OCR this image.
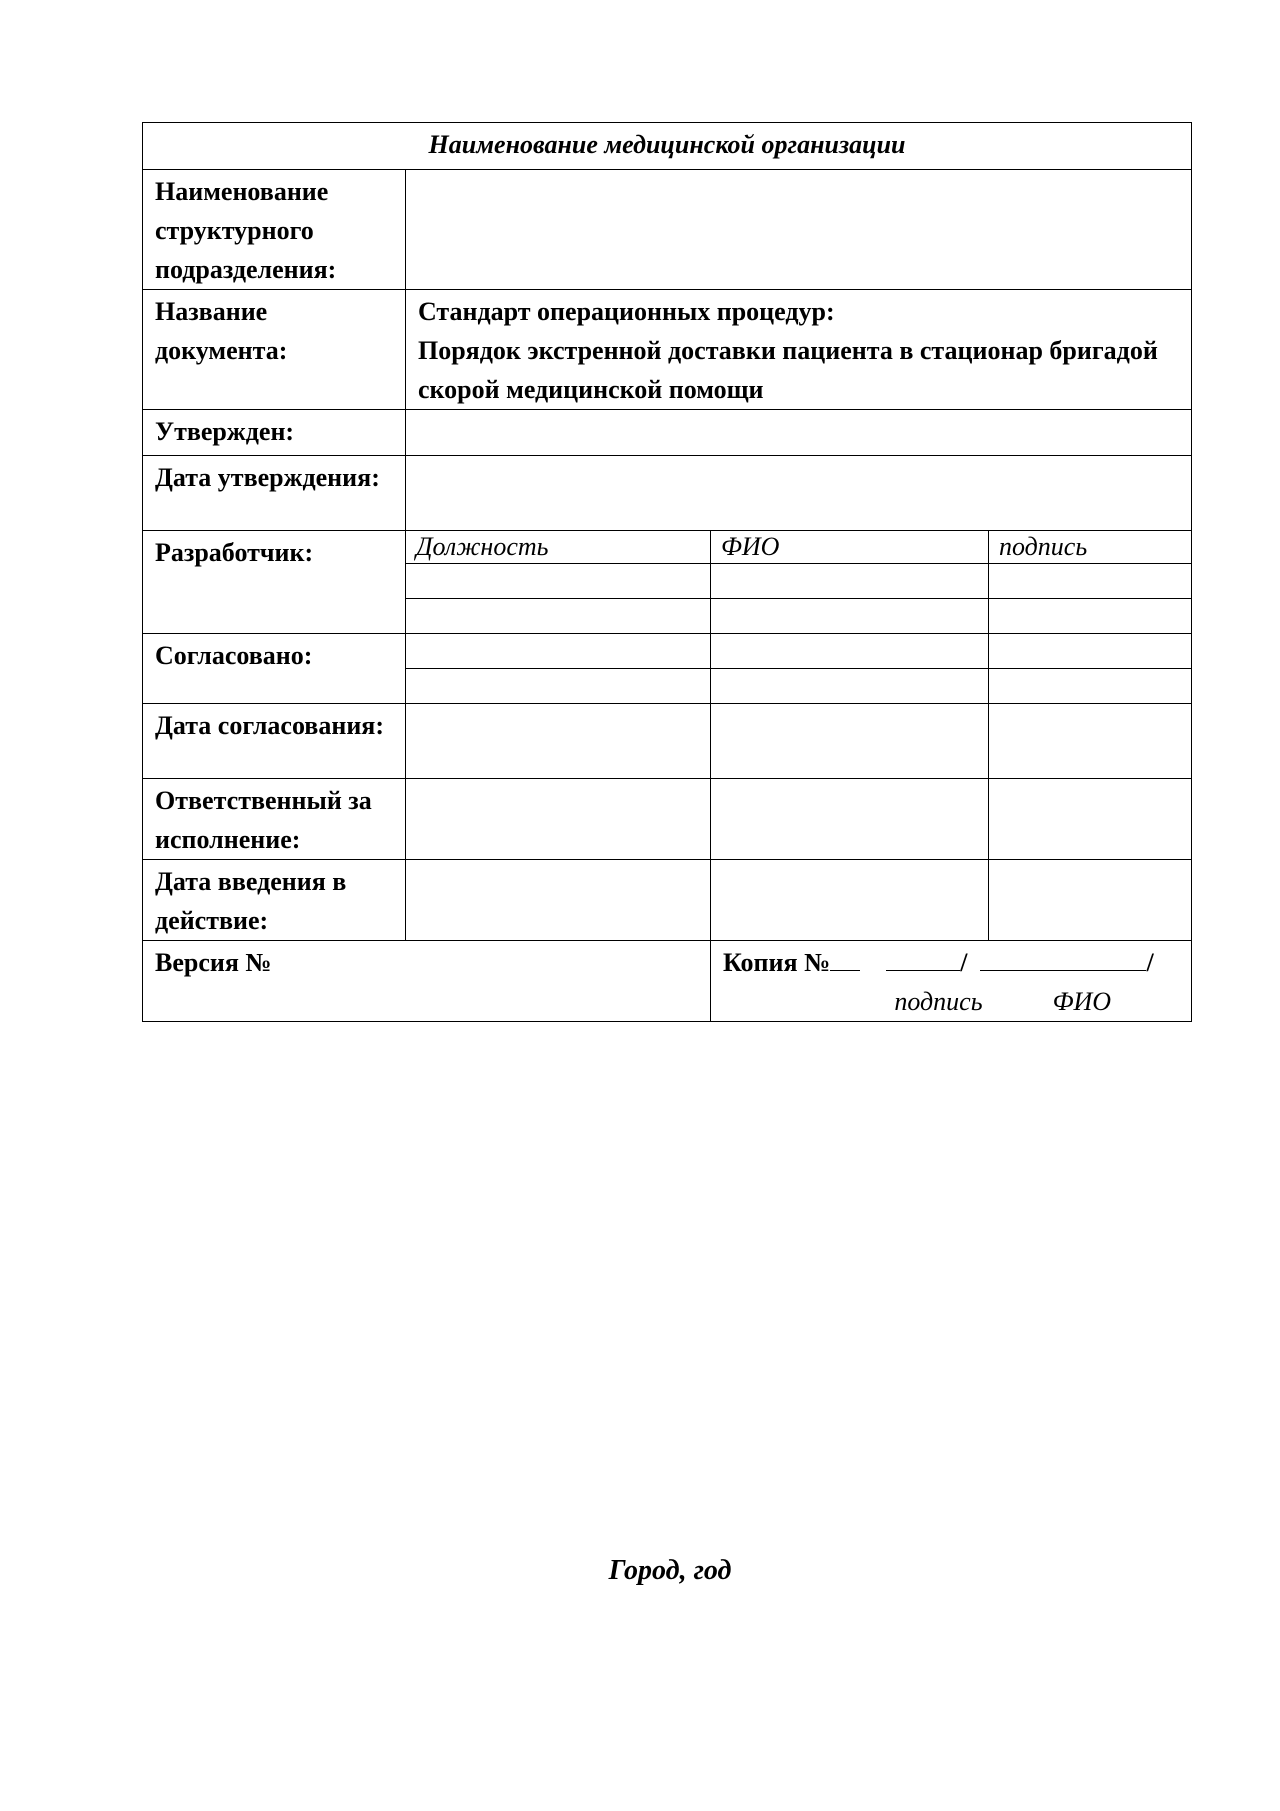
Наименование медицинской организации			
Наименование структурного подразделения:			
Название документа:	Стандарт операционных процедур:
Порядок экстренной доставки пациента в стационар бригадой скорой медицинской помощи		

Утвержден:			
Дата утверждения:			
Разработчик:	Должность	ФИО	подпись

Согласовано:			

Дата согласования:			
Ответственный за исполнение:			
Дата введения в действие:			
Версия №		Копия № / /
подпись ФИО	
Город, год
